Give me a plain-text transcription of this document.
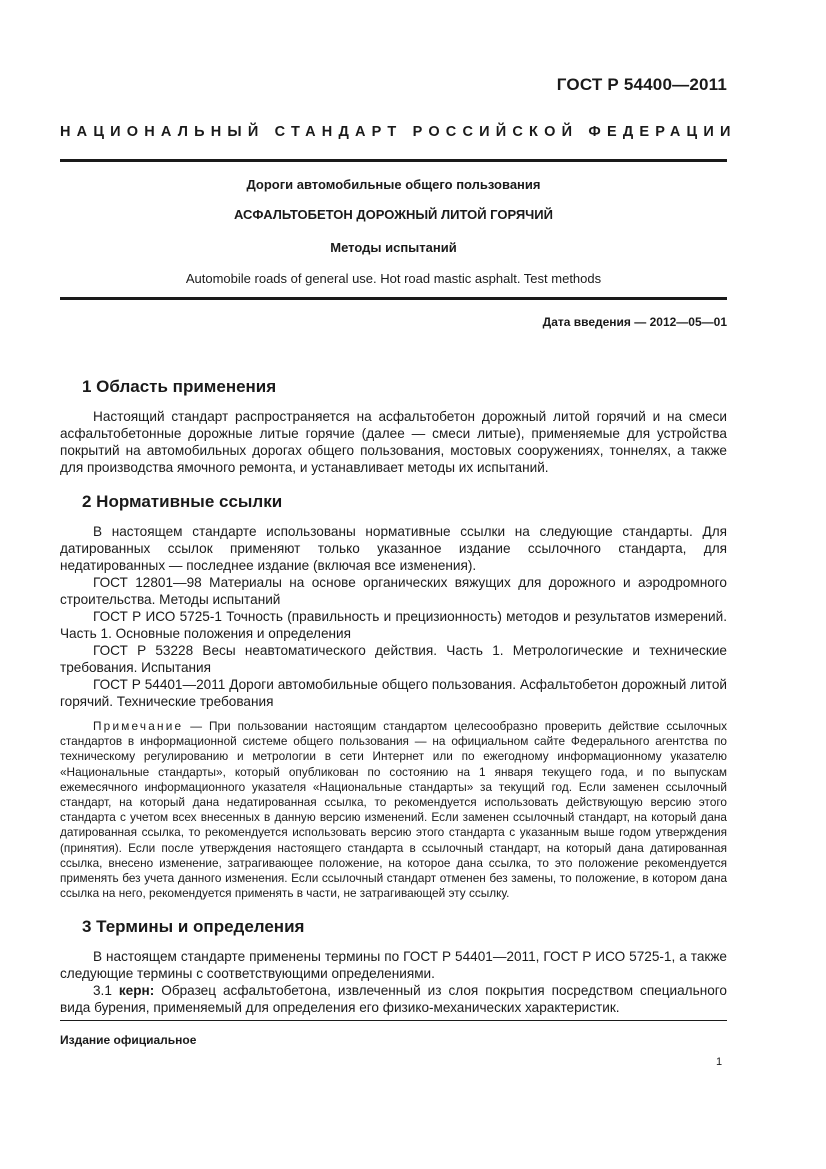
ГОСТ Р 54400—2011
НАЦИОНАЛЬНЫЙ СТАНДАРТ РОССИЙСКОЙ ФЕДЕРАЦИИ
Дороги автомобильные общего пользования
АСФАЛЬТОБЕТОН ДОРОЖНЫЙ ЛИТОЙ ГОРЯЧИЙ
Методы испытаний
Automobile roads of general use. Hot road mastic asphalt. Test methods
Дата введения — 2012—05—01
1 Область применения

Настоящий стандарт распространяется на асфальтобетон дорожный литой горячий и на смеси асфальтобетонные дорожные литые горячие (далее — смеси литые), применяемые для устройства покрытий на автомобильных дорогах общего пользования, мостовых сооружениях, тоннелях, а также для производства ямочного ремонта, и устанавливает методы их испытаний.

2 Нормативные ссылки

В настоящем стандарте использованы нормативные ссылки на следующие стандарты. Для датированных ссылок применяют только указанное издание ссылочного стандарта, для недатированных — последнее издание (включая все изменения).

ГОСТ 12801—98 Материалы на основе органических вяжущих для дорожного и аэродромного строительства. Методы испытаний

ГОСТ Р ИСО 5725-1 Точность (правильность и прецизионность) методов и результатов измерений. Часть 1. Основные положения и определения

ГОСТ Р 53228 Весы неавтоматического действия. Часть 1. Метрологические и технические требования. Испытания

ГОСТ Р 54401—2011 Дороги автомобильные общего пользования. Асфальтобетон дорожный литой горячий. Технические требования

Примечание — При пользовании настоящим стандартом целесообразно проверить действие ссылочных стандартов в информационной системе общего пользования — на официальном сайте Федерального агентства по техническому регулированию и метрологии в сети Интернет или по ежегодному информационному указателю «Национальные стандарты», который опубликован по состоянию на 1 января текущего года, и по выпускам ежемесячного информационного указателя «Национальные стандарты» за текущий год. Если заменен ссылочный стандарт, на который дана недатированная ссылка, то рекомендуется использовать действующую версию этого стандарта с учетом всех внесенных в данную версию изменений. Если заменен ссылочный стандарт, на который дана датированная ссылка, то рекомендуется использовать версию этого стандарта с указанным выше годом утверждения (принятия). Если после утверждения настоящего стандарта в ссылочный стандарт, на который дана датированная ссылка, внесено изменение, затрагивающее положение, на которое дана ссылка, то это положение рекомендуется применять без учета данного изменения. Если ссылочный стандарт отменен без замены, то положение, в котором дана ссылка на него, рекомендуется применять в части, не затрагивающей эту ссылку.
3 Термины и определения

В настоящем стандарте применены термины по ГОСТ Р 54401—2011, ГОСТ Р ИСО 5725-1, а также следующие термины с соответствующими определениями.

3.1 керн: Образец асфальтобетона, извлеченный из слоя покрытия посредством специального вида бурения, применяемый для определения его физико-механических характеристик.

Издание официальное
1
